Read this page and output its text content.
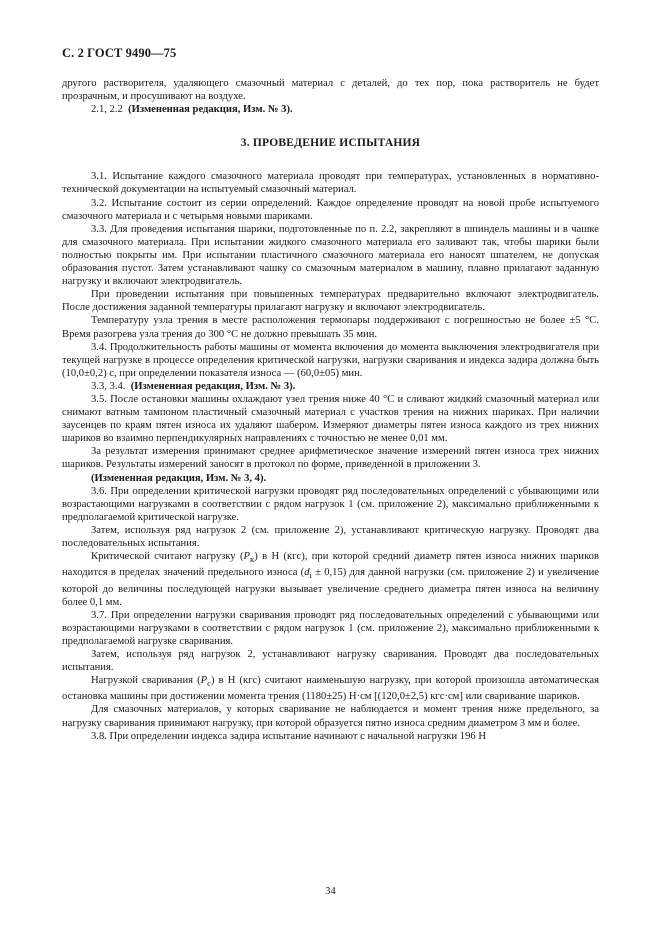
С. 2 ГОСТ 9490—75

другого растворителя, удаляющего смазочный материал с деталей, до тех пор, пока растворитель не будет прозрачным, и просушивают на воздухе.

2.1, 2.2 (Измененная редакция, Изм. № 3).

3. ПРОВЕДЕНИЕ ИСПЫТАНИЯ

3.1. Испытание каждого смазочного материала проводят при температурах, установленных в нормативно-технической документации на испытуемый смазочный материал.

3.2. Испытание состоит из серии определений. Каждое определение проводят на новой пробе испытуемого смазочного материала и с четырьмя новыми шариками.

3.3. Для проведения испытания шарики, подготовленные по п. 2.2, закрепляют в шпиндель машины и в чашке для смазочного материала. При испытании жидкого смазочного материала его заливают так, чтобы шарики были полностью покрыты им. При испытании пластичного смазочного материала его наносят шпателем, не допуская образования пустот. Затем устанавливают чашку со смазочным материалом в машину, плавно прилагают заданную нагрузку и включают электродвигатель.

При проведении испытания при повышенных температурах предварительно включают электродвигатель. После достижения заданной температуры прилагают нагрузку и включают электродвигатель.

Температуру узла трения в месте расположения термопары поддерживают с погрешностью не более ±5 °С. Время разогрева узла трения до 300 °С не должно превышать 35 мин.

3.4. Продолжительность работы машины от момента включения до момента выключения электродвигателя при текущей нагрузке в процессе определения критической нагрузки, нагрузки сваривания и индекса задира должна быть (10,0±0,2) с, при определении показателя износа — (60,0±05) мин.

3.3, 3.4. (Измененная редакция, Изм. № 3).

3.5. После остановки машины охлаждают узел трения ниже 40 °С и сливают жидкий смазочный материал или снимают ватным тампоном пластичный смазочный материал с участков трения на нижних шариках. При наличии заусенцев по краям пятен износа их удаляют шабером. Измеряют диаметры пятен износа каждого из трех нижних шариков во взаимно перпендикулярных направлениях с точностью не менее 0,01 мм.

За результат измерения принимают среднее арифметическое значение измерений пятен износа трех нижних шариков. Результаты измерений заносят в протокол по форме, приведенной в приложении 3.

(Измененная редакция, Изм. № 3, 4).

3.6. При определении критической нагрузки проводят ряд последовательных определений с убывающими или возрастающими нагрузками в соответствии с рядом нагрузок 1 (см. приложение 2), максимально приближенными к предполагаемой критической нагрузке.

Затем, используя ряд нагрузок 2 (см. приложение 2), устанавливают критическую нагрузку. Проводят два последовательных испытания.

Критической считают нагрузку $(P_к)$ в Н (кгс), при которой средний диаметр пятен износа нижних шариков находится в пределах значений предельного износа $(d_i \pm 0,15)$ для данной нагрузки (см. приложение 2) и увеличение которой до величины последующей нагрузки вызывает увеличение среднего диаметра пятен износа на величину более 0,1 мм.

3.7. При определении нагрузки сваривания проводят ряд последовательных определений с убывающими или возрастающими нагрузками в соответствии с рядом нагрузок 1 (см. приложение 2), максимально приближенными к предполагаемой нагрузке сваривания.

Затем, используя ряд нагрузок 2, устанавливают нагрузку сваривания. Проводят два последовательных испытания.

Нагрузкой сваривания $(P_с)$ в Н (кгс) считают наименьшую нагрузку, при которой произошла автоматическая остановка машины при достижении момента трения (1180±25) Н·см [(120,0±2,5) кгс·см] или сваривание шариков.

Для смазочных материалов, у которых сваривание не наблюдается и момент трения ниже предельного, за нагрузку сваривания принимают нагрузку, при которой образуется пятно износа средним диаметром 3 мм и более.

3.8. При определении индекса задира испытание начинают с начальной нагрузки 196 Н

34
